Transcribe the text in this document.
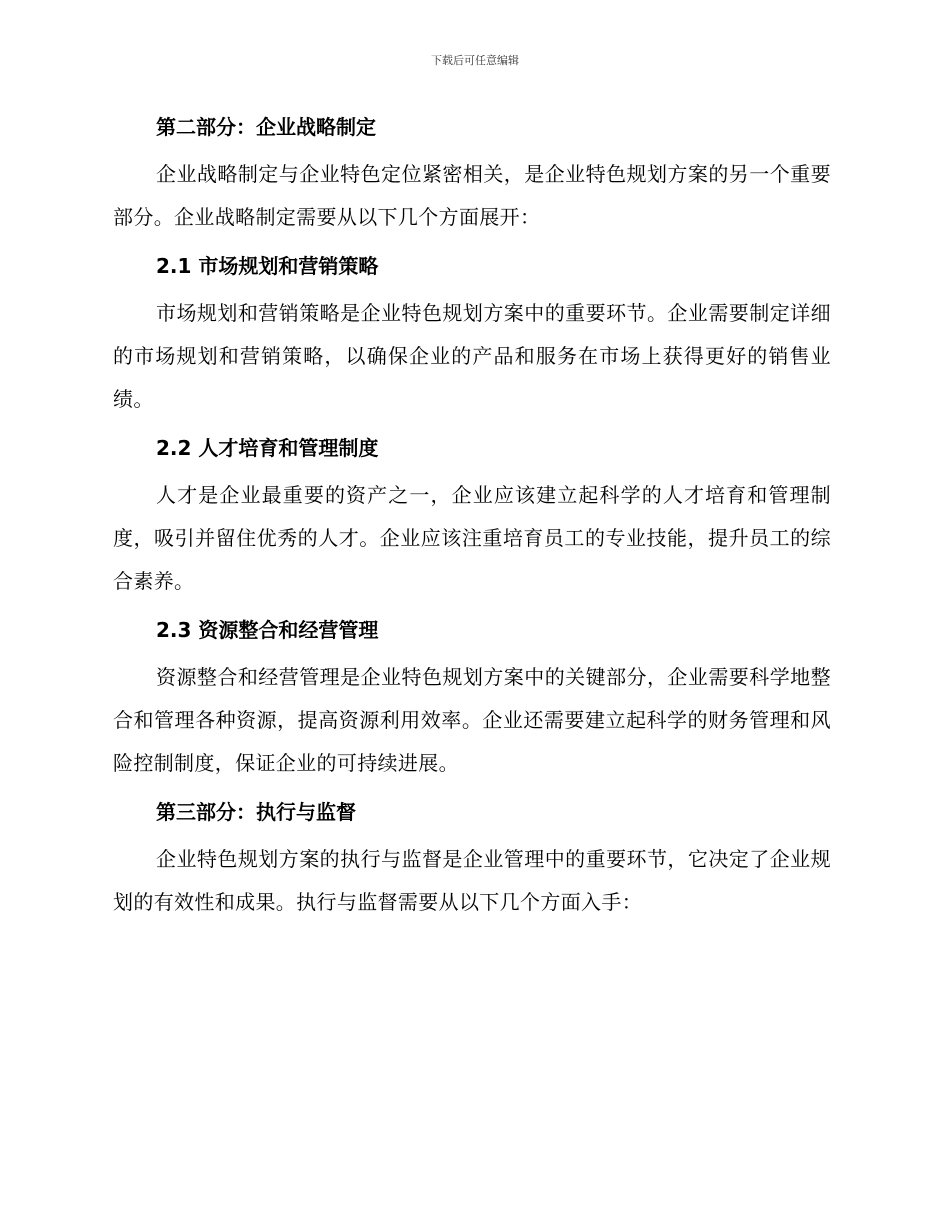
下载后可任意编辑
第二部分：企业战略制定

企业战略制定与企业特色定位紧密相关，是企业特色规划方案的另一个重要部分。企业战略制定需要从以下几个方面展开：

2.1 市场规划和营销策略

市场规划和营销策略是企业特色规划方案中的重要环节。企业需要制定详细的市场规划和营销策略，以确保企业的产品和服务在市场上获得更好的销售业绩。

2.2 人才培育和管理制度

人才是企业最重要的资产之一，企业应该建立起科学的人才培育和管理制度，吸引并留住优秀的人才。企业应该注重培育员工的专业技能，提升员工的综合素养。

2.3 资源整合和经营管理

资源整合和经营管理是企业特色规划方案中的关键部分，企业需要科学地整合和管理各种资源，提高资源利用效率。企业还需要建立起科学的财务管理和风险控制制度，保证企业的可持续进展。

第三部分：执行与监督

企业特色规划方案的执行与监督是企业管理中的重要环节，它决定了企业规划的有效性和成果。执行与监督需要从以下几个方面入手：
